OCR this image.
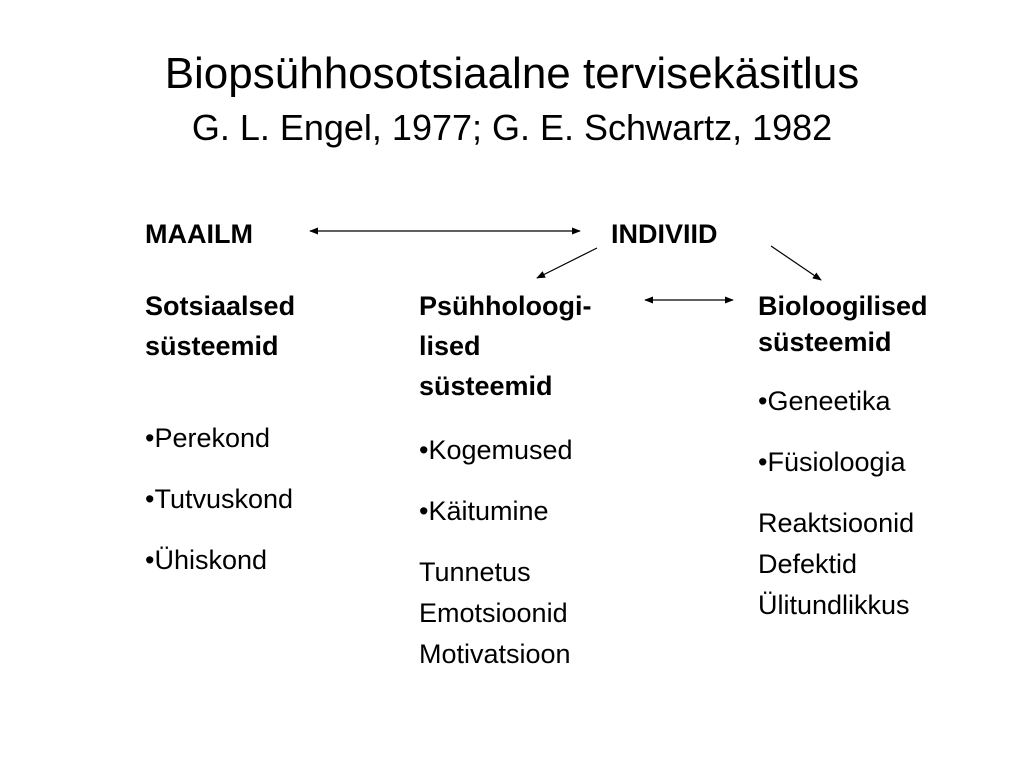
Biopsühhosotsiaalne tervisekäsitlus
G. L. Engel, 1977; G. E. Schwartz, 1982
MAAILM	INDIVIID
Sotsiaalsed
süsteemid
•Perekond
•Tutvuskond
•Ühiskond
Psühholoogi-
lised
süsteemid
•Kogemused
•Käitumine
Tunnetus
Emotsioonid
Motivatsioon
Bioloogilised
süsteemid
•Geneetika
•Füsioloogia
Reaktsioonid
Defektid
Ülitundlikkus
